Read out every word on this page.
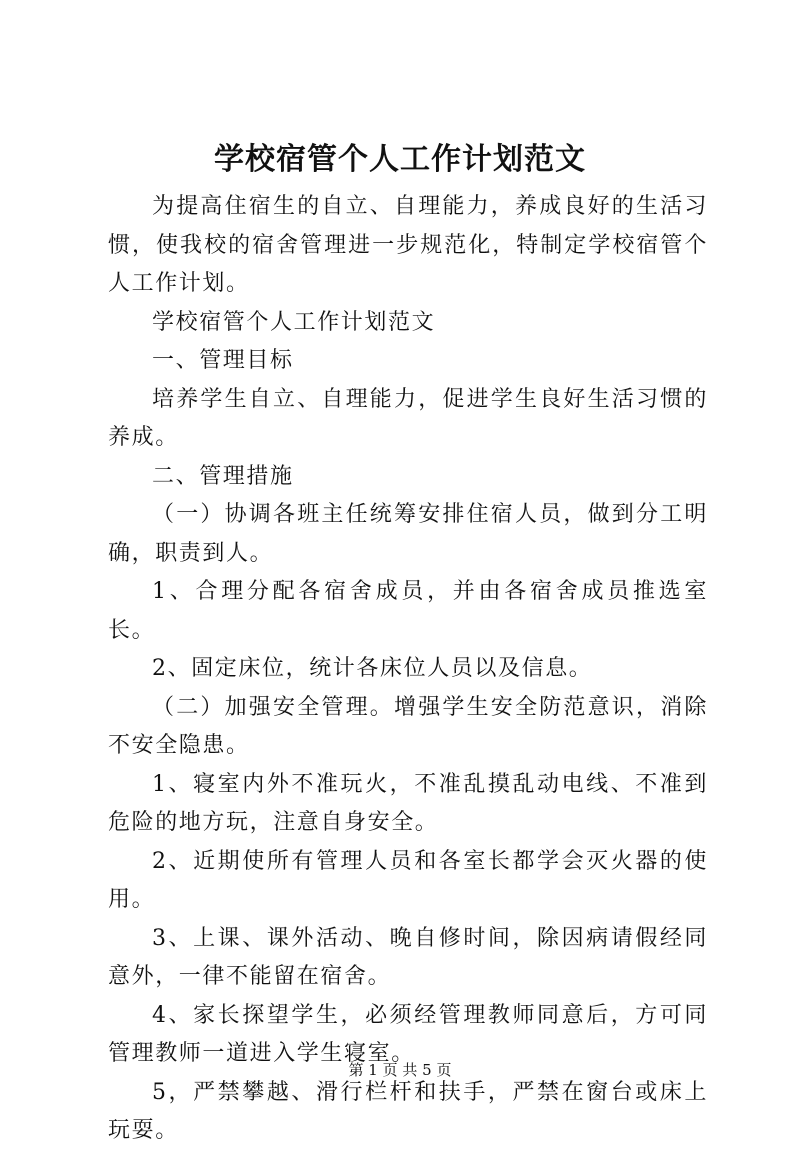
学校宿管个人工作计划范文

为提高住宿生的自立、自理能力，养成良好的生活习惯，使我校的宿舍管理进一步规范化，特制定学校宿管个人工作计划。

学校宿管个人工作计划范文

一、管理目标

培养学生自立、自理能力，促进学生良好生活习惯的养成。

二、管理措施

（一）协调各班主任统筹安排住宿人员，做到分工明确，职责到人。

1、合理分配各宿舍成员，并由各宿舍成员推选室长。

2、固定床位，统计各床位人员以及信息。

（二）加强安全管理。增强学生安全防范意识，消除不安全隐患。

1、寝室内外不准玩火，不准乱摸乱动电线、不准到危险的地方玩，注意自身安全。

2、近期使所有管理人员和各室长都学会灭火器的使用。

3、上课、课外活动、晚自修时间，除因病请假经同意外，一律不能留在宿舍。

4、家长探望学生，必须经管理教师同意后，方可同管理教师一道进入学生寝室。

5，严禁攀越、滑行栏杆和扶手，严禁在窗台或床上玩耍。

第 1 页 共 5 页
